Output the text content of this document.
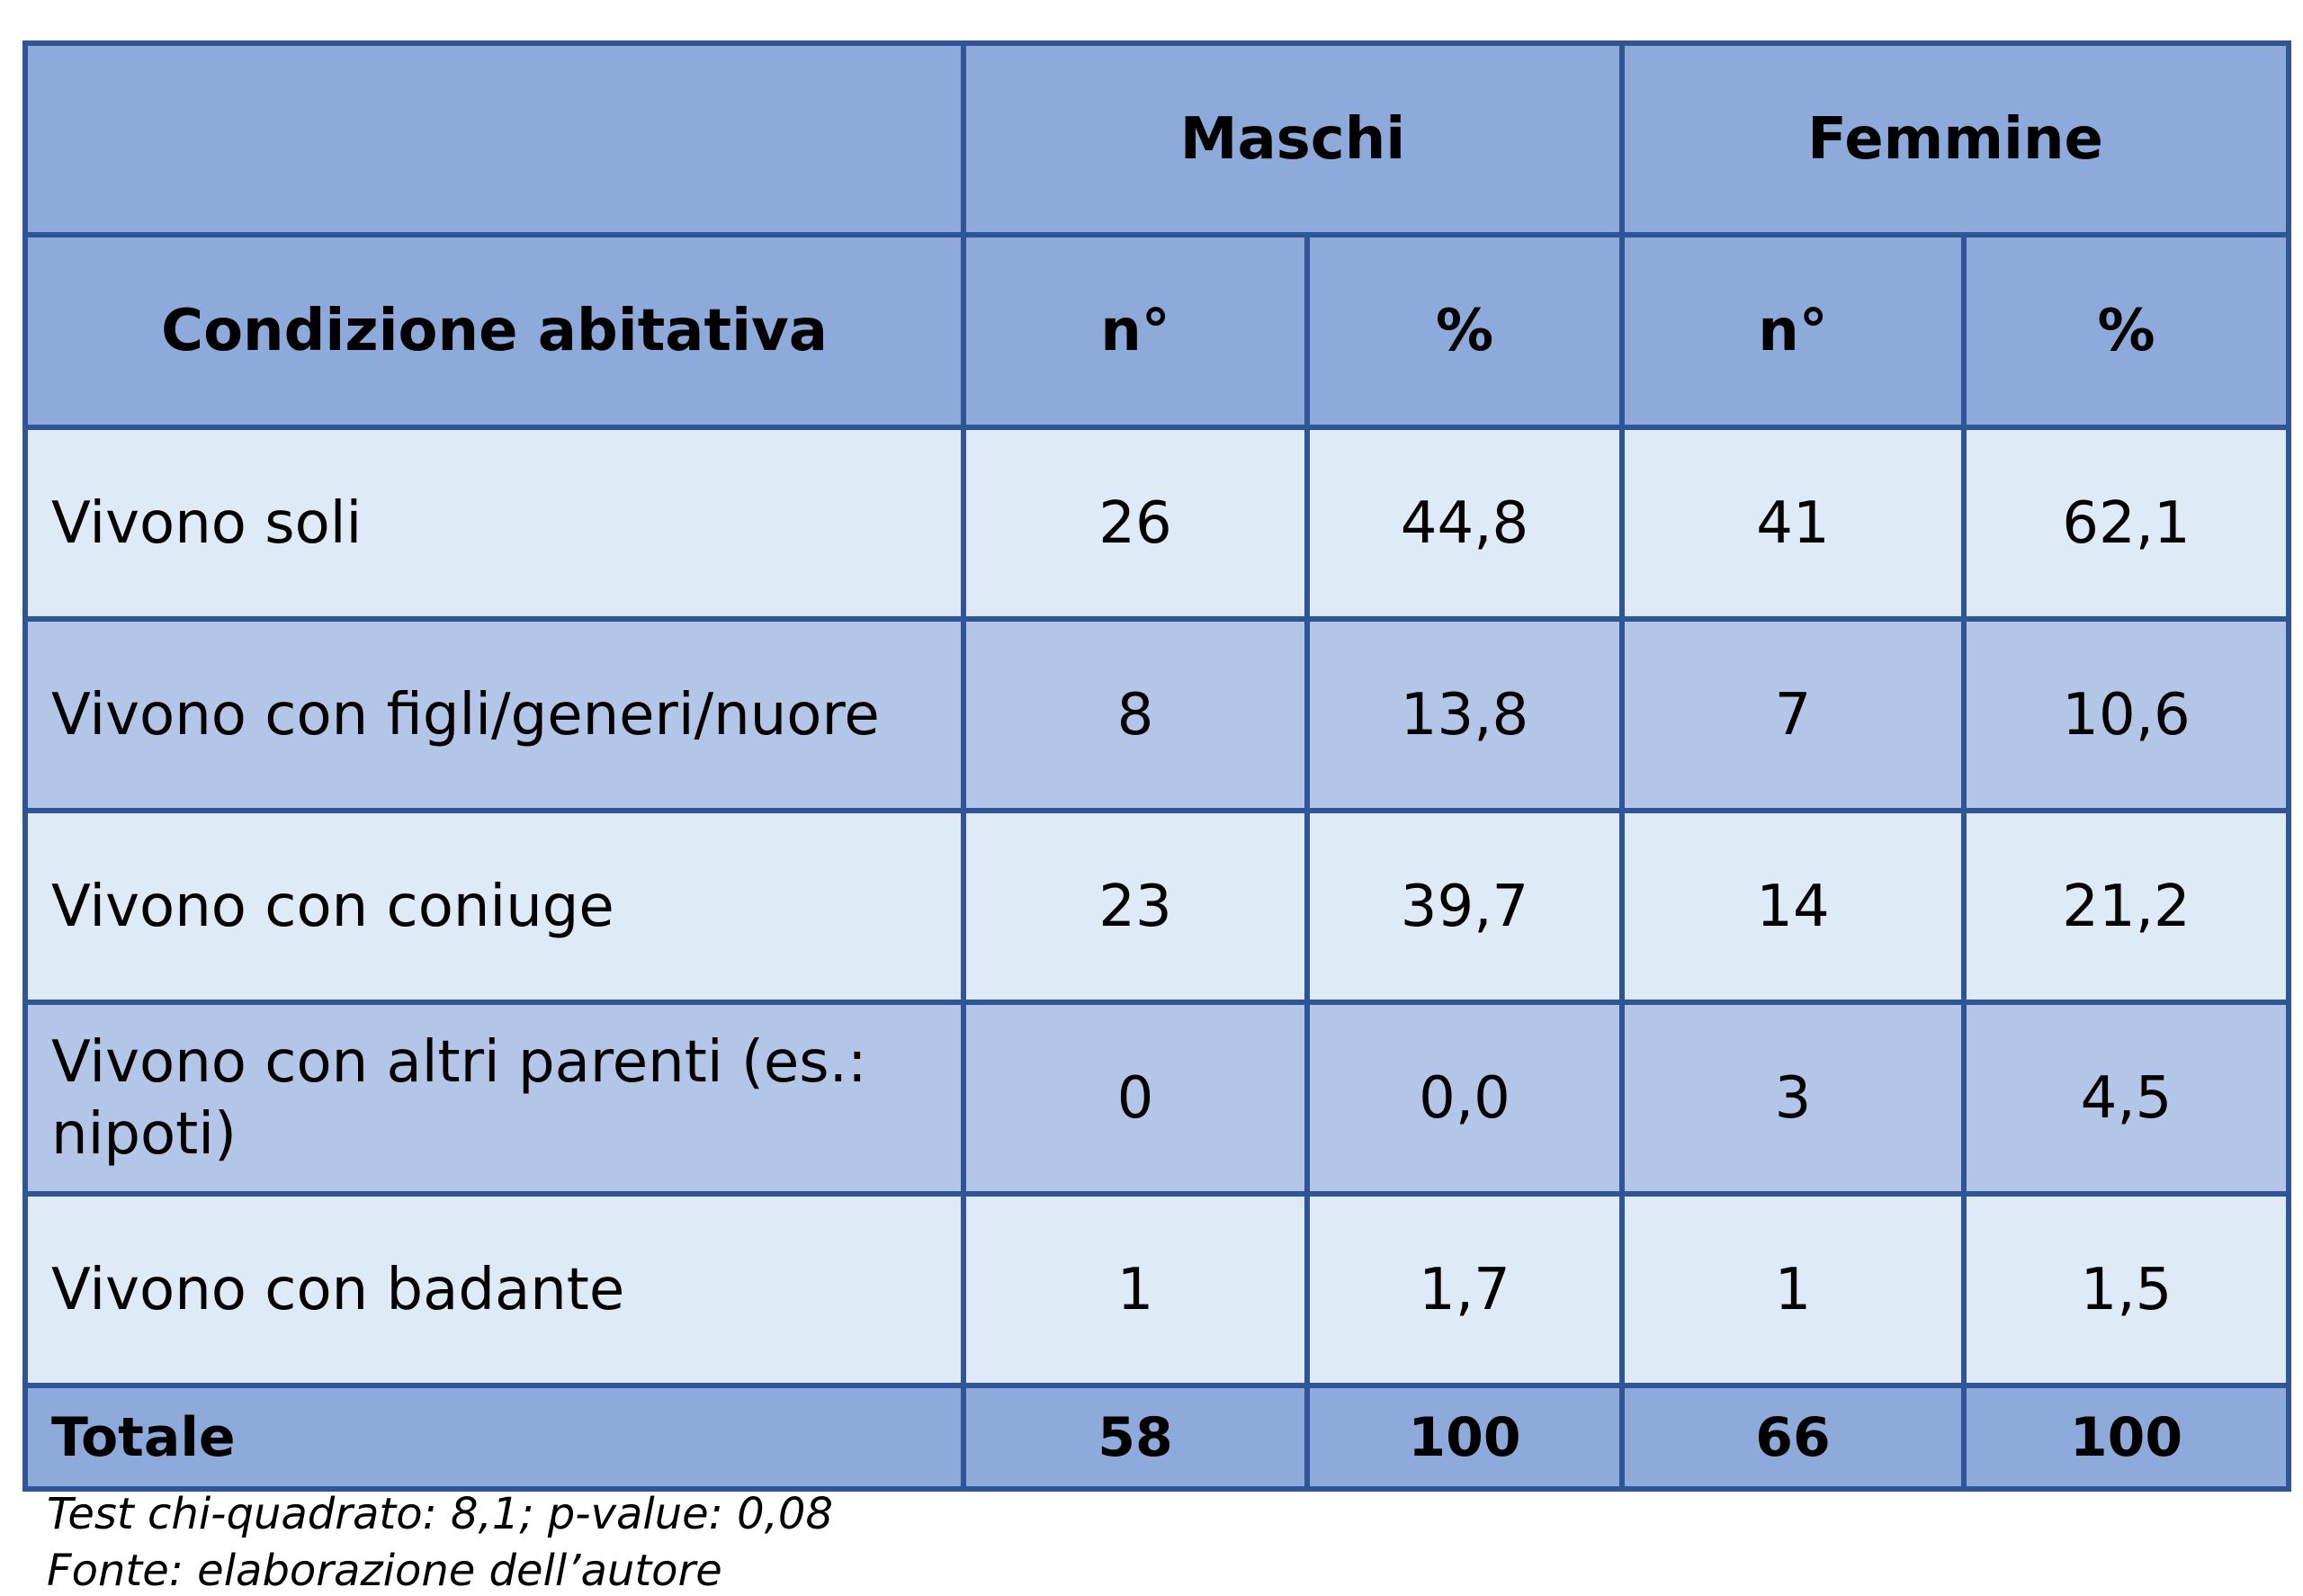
	Maschi		Femmine	
Condizione abitativa	n°	%	n°	%
Vivono soli	26	44,8	41	62,1
Vivono con figli/generi/nuore	8	13,8	7	10,6
Vivono con coniuge	23	39,7	14	21,2
Vivono con altri parenti (es.: nipoti)	0	0,0	3	4,5
Vivono con badante	1	1,7	1	1,5
Totale	58	100	66	100
Test chi-quadrato: 8,1; p-value: 0,08
Fonte: elaborazione dell’autore
